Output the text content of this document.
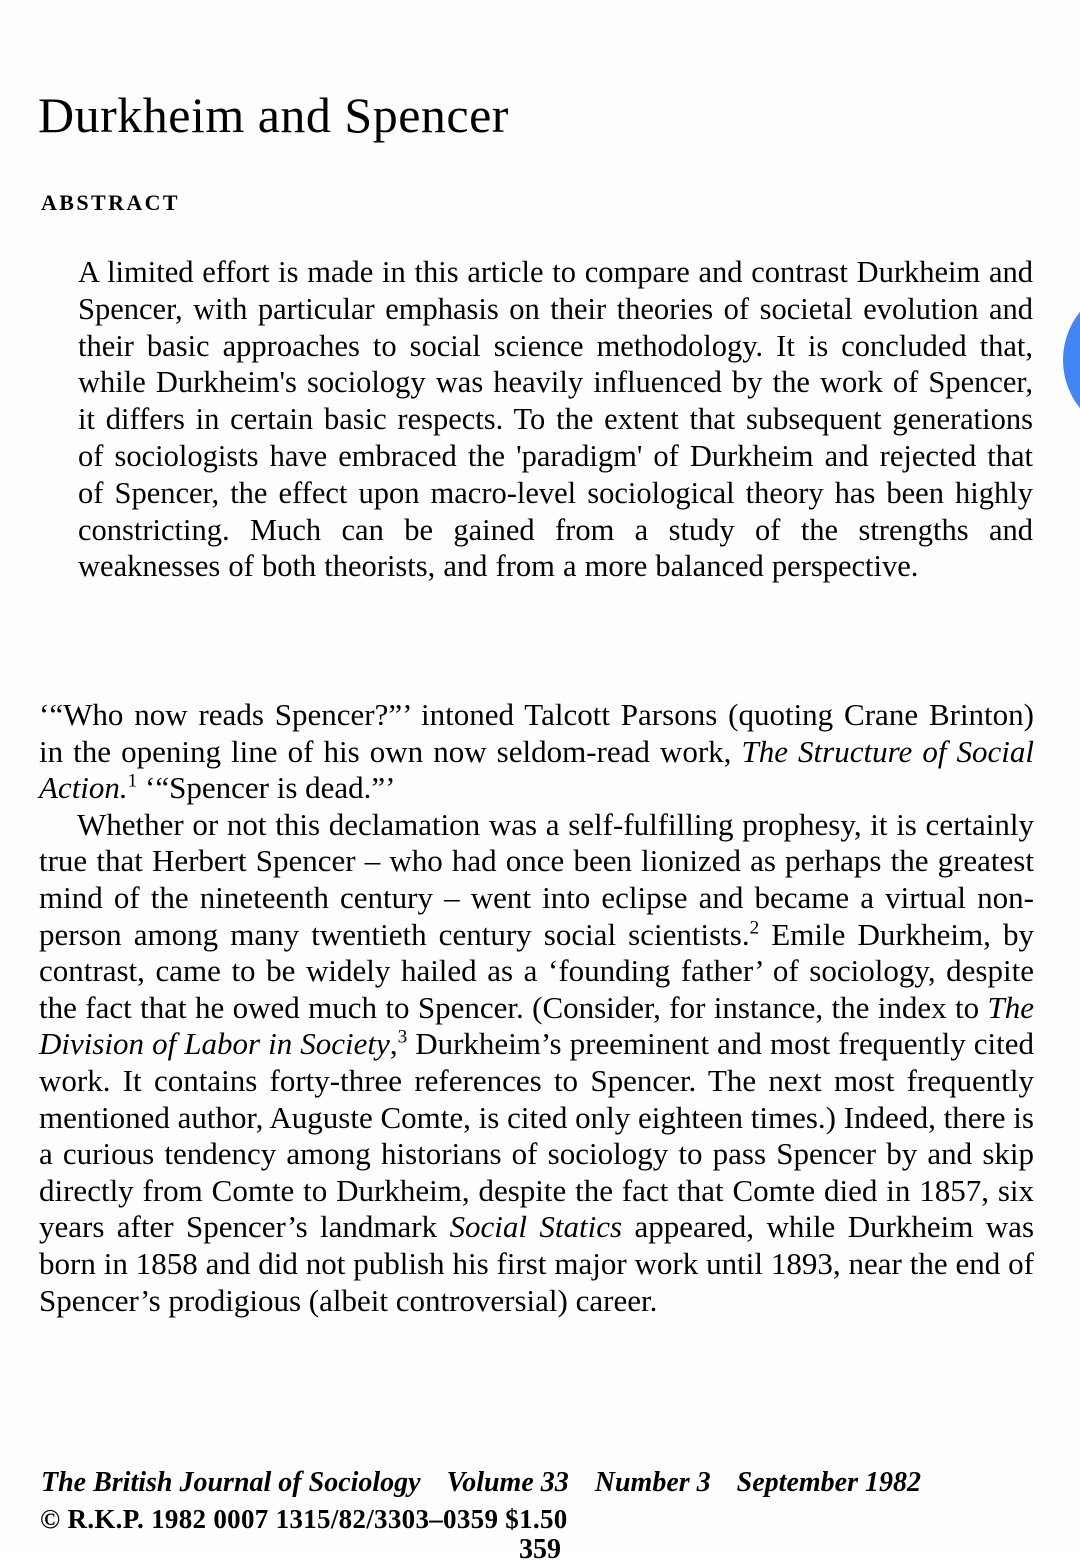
Durkheim and Spencer
ABSTRACT
A limited effort is made in this article to compare and contrast Durkheim and Spencer, with particular emphasis on their theories of societal evolution and their basic approaches to social science methodology. It is concluded that, while Durkheim's sociology was heavily influenced by the work of Spencer, it differs in certain basic respects. To the extent that subsequent generations of sociologists have embraced the 'paradigm' of Durkheim and rejected that of Spencer, the effect upon macro-level sociological theory has been highly constricting. Much can be gained from a study of the strengths and weaknesses of both theorists, and from a more balanced perspective.

‘“Who now reads Spencer?”’ intoned Talcott Parsons (quoting Crane Brinton) in the opening line of his own now seldom-read work, The Structure of Social Action.$^1$ ‘“Spencer is dead.”’

Whether or not this declamation was a self-fulfilling prophesy, it is certainly true that Herbert Spencer – who had once been lionized as perhaps the greatest mind of the nineteenth century – went into eclipse and became a virtual non-person among many twentieth century social scientists.$^2$ Emile Durkheim, by contrast, came to be widely hailed as a ‘founding father’ of sociology, despite the fact that he owed much to Spencer. (Consider, for instance, the index to The Division of Labor in Society,$^3$ Durkheim’s preeminent and most frequently cited work. It contains forty-three references to Spencer. The next most frequently mentioned author, Auguste Comte, is cited only eighteen times.) Indeed, there is a curious tendency among historians of sociology to pass Spencer by and skip directly from Comte to Durkheim, despite the fact that Comte died in 1857, six years after Spencer’s landmark Social Statics appeared, while Durkheim was born in 1858 and did not publish his first major work until 1893, near the end of Spencer’s prodigious (albeit controversial) career.

The British Journal of Sociology Volume 33 Number 3 September 1982
© R.K.P. 1982 0007 1315/82/3303–0359 $1.50
359
